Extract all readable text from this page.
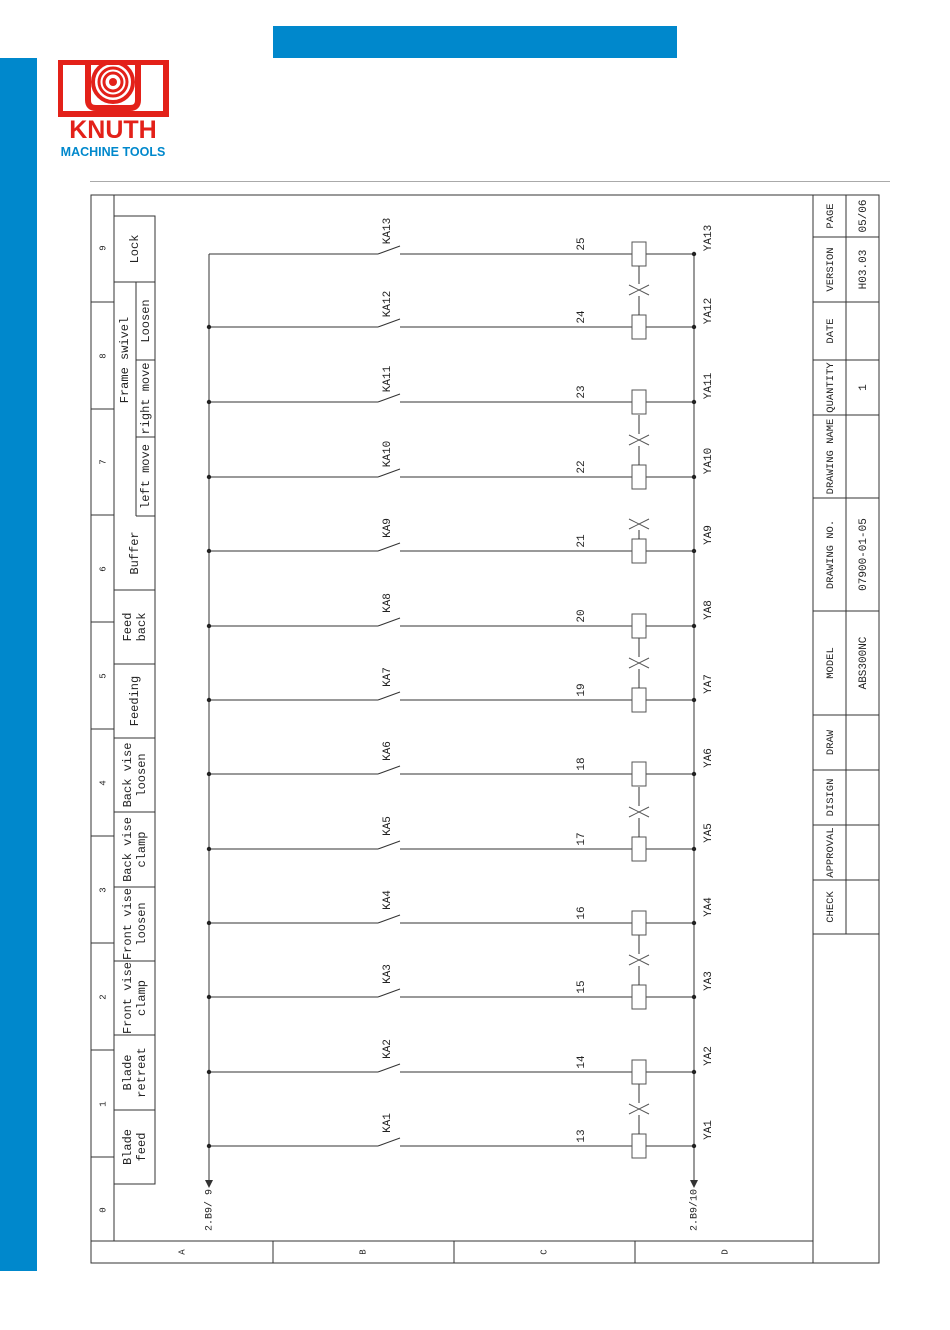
KNUTH
MACHINE TOOLS
0
1
2
3
4
5
6
7
8
9
A	B	C	D
Blade feed
Blade retreat
Front vise clamp
Front vise loosen
Back vise clamp
Back vise loosen
Feeding
Feed back
Buffer
left move
right move
Loosen
Lock
Frame swivel
2.B9/ 9	2.B9/10
KA1
13	YA1
KA2
14	YA2
KA3
15	YA3
KA4
16	YA4
KA5
17	YA5
KA6
18	YA6
KA7
19	YA7
KA8
20	YA8
KA9
21	YA9
KA10	22	YA10
KA11	23	YA11
KA12	24	YA12
KA13	25	YA13
PAGE 05/06
VERSION H03.03
DATE
QUANTITY 1
DRAWING NAME
DRAWING NO. 07900-01-05
MODEL ABS300NC
DRAW
DISIGN
APPROVAL
CHECK
